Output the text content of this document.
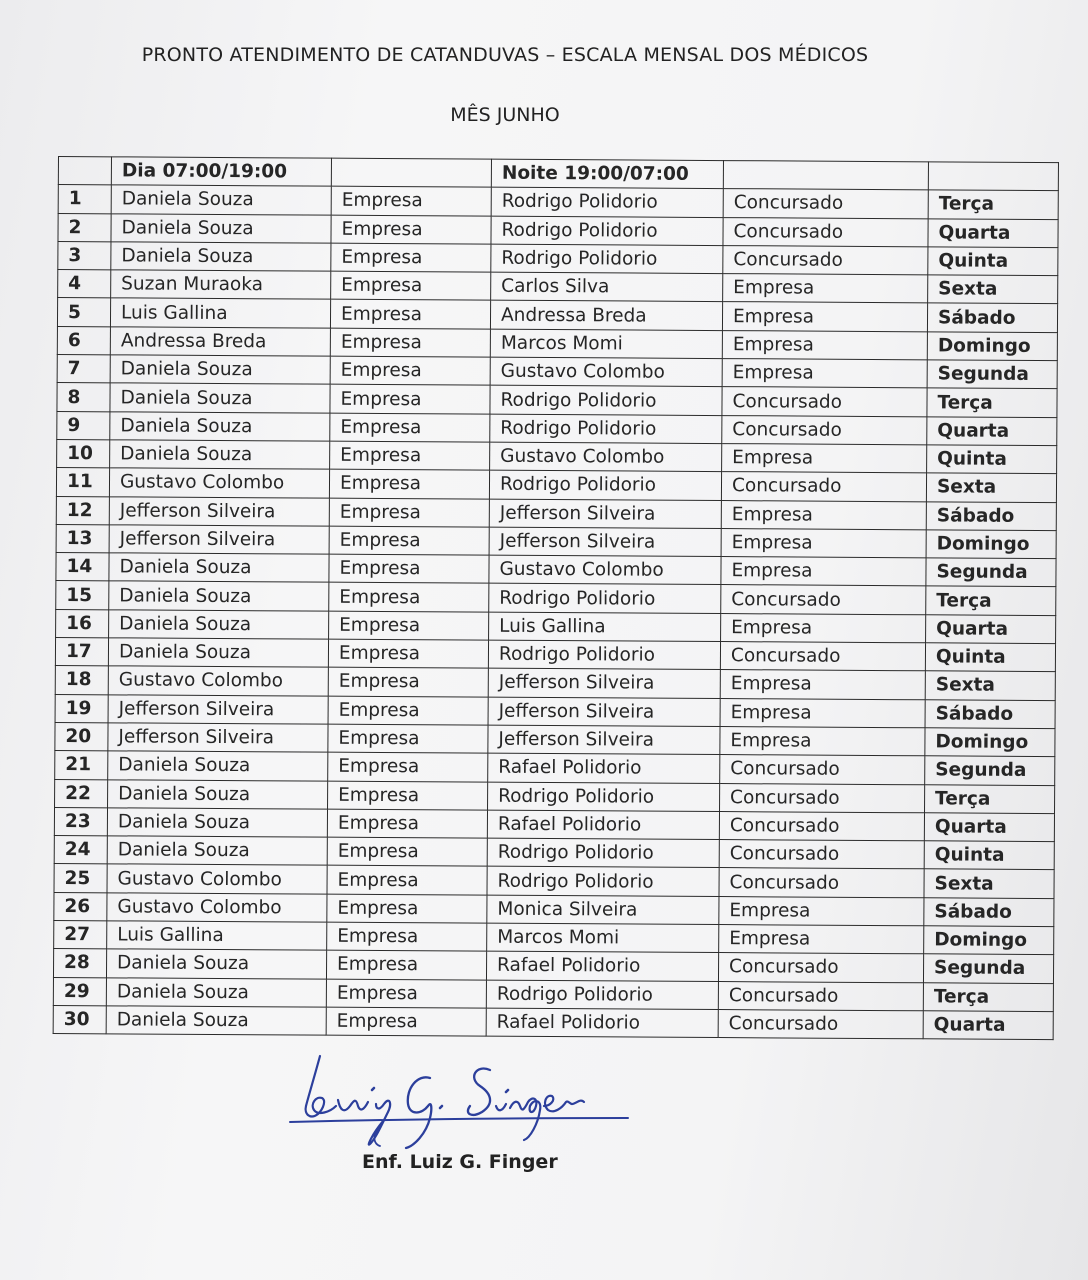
PRONTO ATENDIMENTO DE CATANDUVAS – ESCALA MENSAL DOS MÉDICOS
MÊS JUNHO
	Dia 07:00/19:00		Noite 19:00/07:00		
1	Daniela Souza	Empresa	Rodrigo Polidorio	Concursado	Terça
2	Daniela Souza	Empresa	Rodrigo Polidorio	Concursado	Quarta
3	Daniela Souza	Empresa	Rodrigo Polidorio	Concursado	Quinta
4	Suzan Muraoka	Empresa	Carlos Silva	Empresa	Sexta
5	Luis Gallina	Empresa	Andressa Breda	Empresa	Sábado
6	Andressa Breda	Empresa	Marcos Momi	Empresa	Domingo
7	Daniela Souza	Empresa	Gustavo Colombo	Empresa	Segunda
8	Daniela Souza	Empresa	Rodrigo Polidorio	Concursado	Terça
9	Daniela Souza	Empresa	Rodrigo Polidorio	Concursado	Quarta
10	Daniela Souza	Empresa	Gustavo Colombo	Empresa	Quinta
11	Gustavo Colombo	Empresa	Rodrigo Polidorio	Concursado	Sexta
12	Jefferson Silveira	Empresa	Jefferson Silveira	Empresa	Sábado
13	Jefferson Silveira	Empresa	Jefferson Silveira	Empresa	Domingo
14	Daniela Souza	Empresa	Gustavo Colombo	Empresa	Segunda
15	Daniela Souza	Empresa	Rodrigo Polidorio	Concursado	Terça
16	Daniela Souza	Empresa	Luis Gallina	Empresa	Quarta
17	Daniela Souza	Empresa	Rodrigo Polidorio	Concursado	Quinta
18	Gustavo Colombo	Empresa	Jefferson Silveira	Empresa	Sexta
19	Jefferson Silveira	Empresa	Jefferson Silveira	Empresa	Sábado
20	Jefferson Silveira	Empresa	Jefferson Silveira	Empresa	Domingo
21	Daniela Souza	Empresa	Rafael Polidorio	Concursado	Segunda
22	Daniela Souza	Empresa	Rodrigo Polidorio	Concursado	Terça
23	Daniela Souza	Empresa	Rafael Polidorio	Concursado	Quarta
24	Daniela Souza	Empresa	Rodrigo Polidorio	Concursado	Quinta
25	Gustavo Colombo	Empresa	Rodrigo Polidorio	Concursado	Sexta
26	Gustavo Colombo	Empresa	Monica Silveira	Empresa	Sábado
27	Luis Gallina	Empresa	Marcos Momi	Empresa	Domingo
28	Daniela Souza	Empresa	Rafael Polidorio	Concursado	Segunda
29	Daniela Souza	Empresa	Rodrigo Polidorio	Concursado	Terça
30	Daniela Souza	Empresa	Rafael Polidorio	Concursado	Quarta
Enf. Luiz G. Finger
